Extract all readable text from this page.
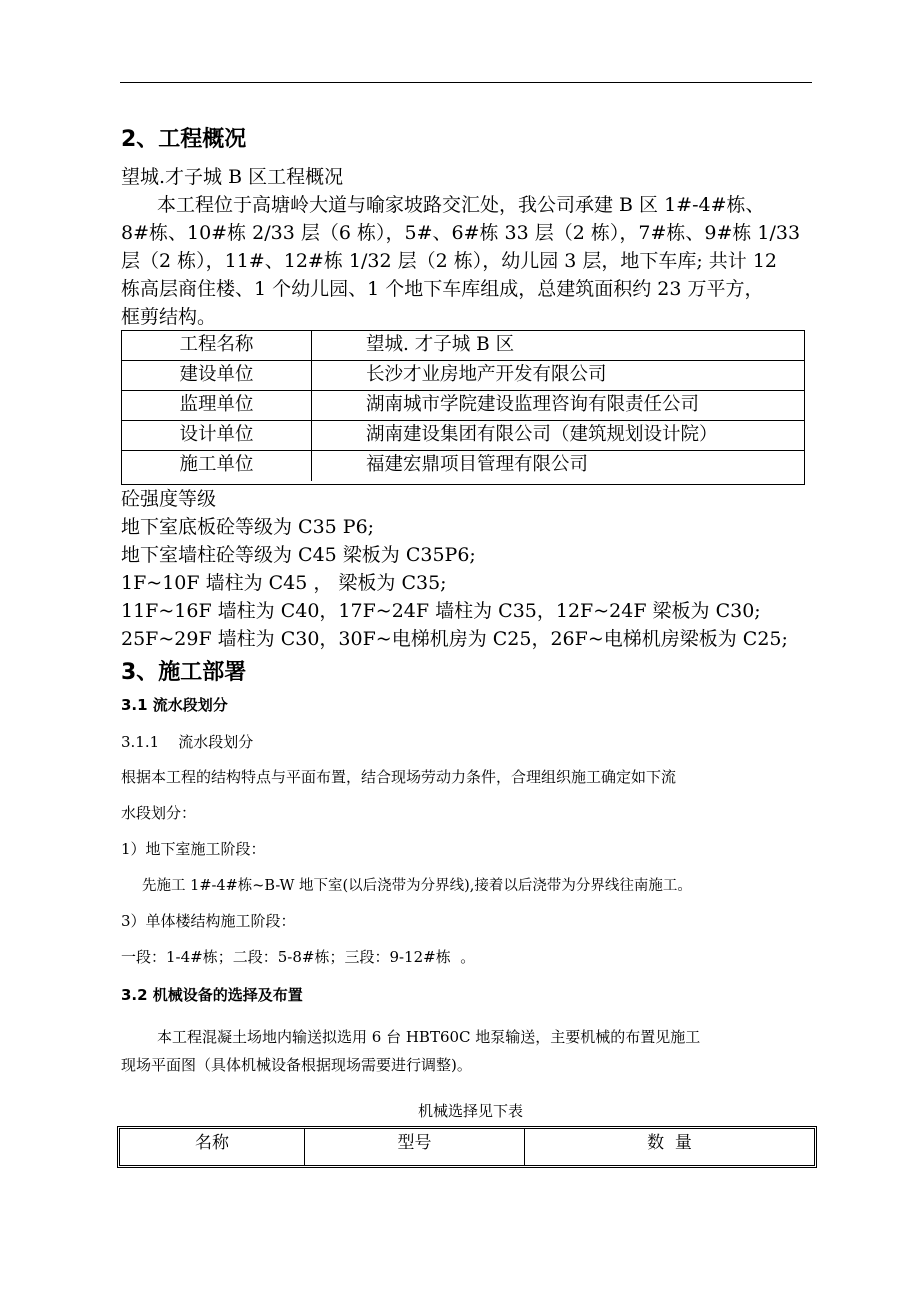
2、工程概况
望城.才子城 B 区工程概况
本工程位于高塘岭大道与喻家坡路交汇处，我公司承建 B 区 1#-4#栋、
8#栋、10#栋 2/33 层（6 栋），5#、6#栋 33 层（2 栋），7#栋、9#栋 1/33
层（2 栋），11#、12#栋 1/32 层（2 栋），幼儿园 3 层，地下车库; 共计 12
栋高层商住楼、1 个幼儿园、1 个地下车库组成，总建筑面积约 23 万平方，
框剪结构。
工程名称	望城. 才子城 B 区
建设单位	长沙才业房地产开发有限公司
监理单位	湖南城市学院建设监理咨询有限责任公司
设计单位	湖南建设集团有限公司（建筑规划设计院）
施工单位	福建宏鼎项目管理有限公司
砼强度等级
地下室底板砼等级为 C35 P6;
地下室墙柱砼等级为 C45 梁板为 C35P6;
1F~10F 墙柱为 C45 ， 梁板为 C35;
11F~16F 墙柱为 C40，17F~24F 墙柱为 C35，12F~24F 梁板为 C30;
25F~29F 墙柱为 C30，30F~电梯机房为 C25，26F~电梯机房梁板为 C25;
3、施工部署
3.1 流水段划分
3.1.1    流水段划分
根据本工程的结构特点与平面布置，结合现场劳动力条件，合理组织施工确定如下流
水段划分：
1）地下室施工阶段：
先施工 1#-4#栋~B-W 地下室(以后浇带为分界线),接着以后浇带为分界线往南施工。
3）单体楼结构施工阶段：
一段：1-4#栋；二段：5-8#栋；三段：9-12#栋  。
3.2 机械设备的选择及布置
本工程混凝土场地内输送拟选用 6 台 HBT60C 地泵输送，主要机械的布置见施工
现场平面图（具体机械设备根据现场需要进行调整)。
机械选择见下表
名称	型号	数  量
